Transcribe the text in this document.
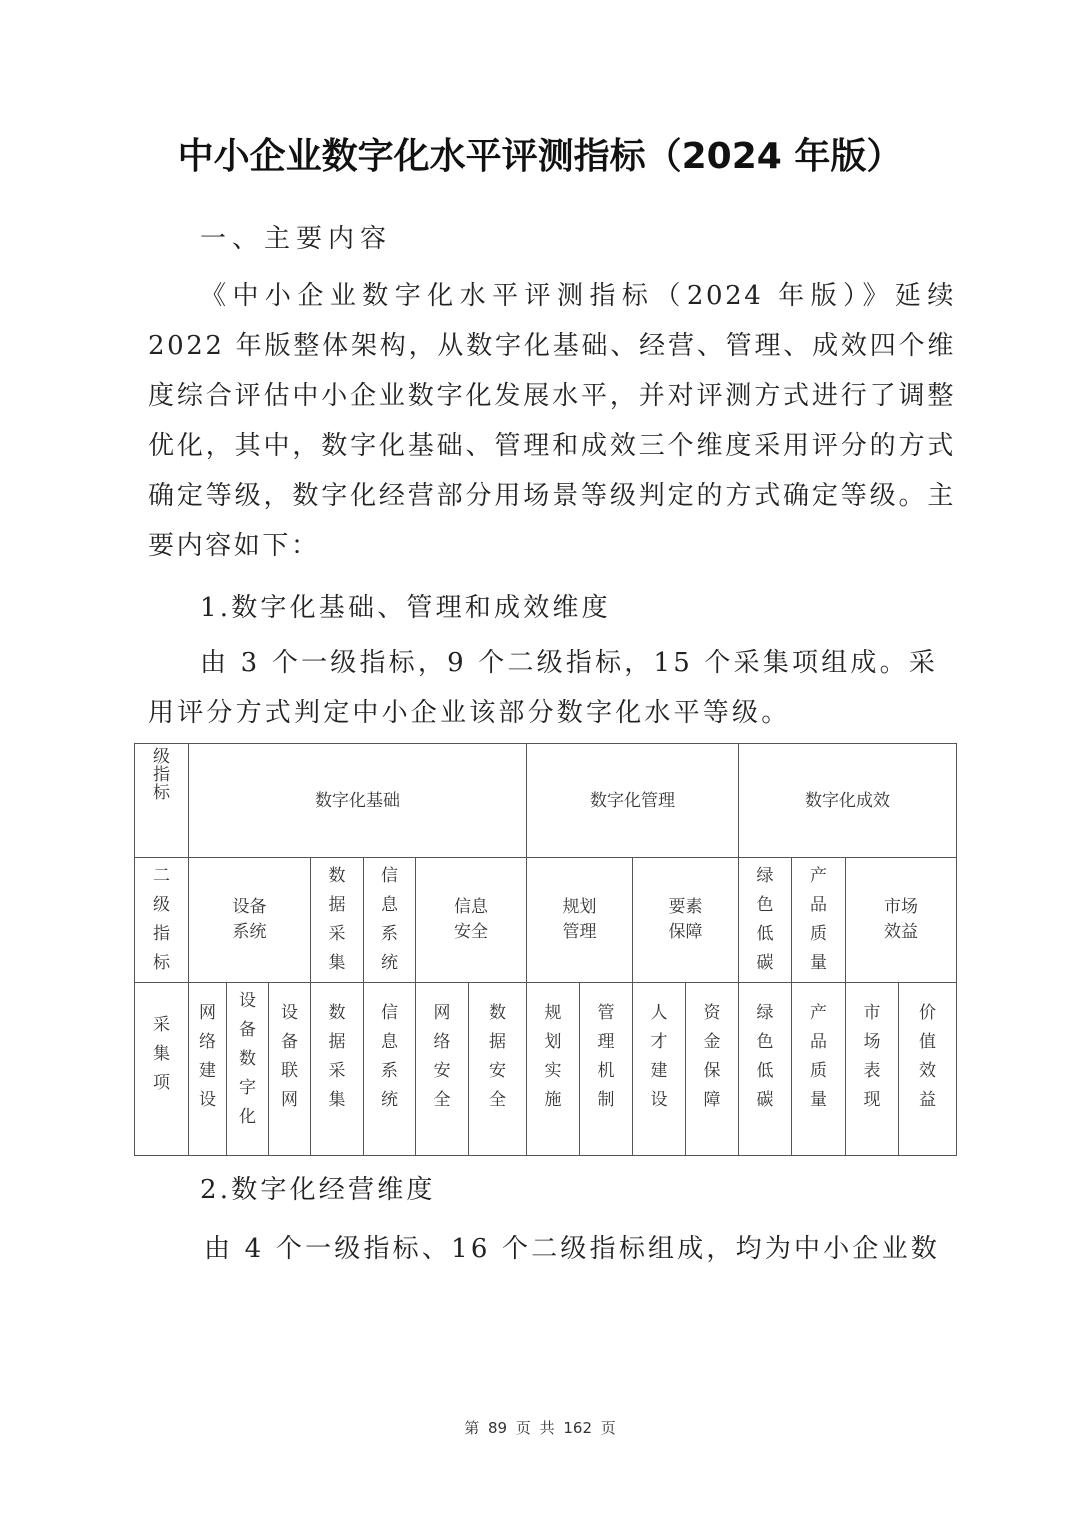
中小企业数字化水平评测指标（2024 年版）
一、主要内容
《中小企业数字化水平评测指标（2024 年版）》延续 2022 年版整体架构，从数字化基础、经营、管理、成效四个维度综合评估中小企业数字化发展水平，并对评测方式进行了调整优化，其中，数字化基础、管理和成效三个维度采用评分的方式确定等级，数字化经营部分用场景等级判定的方式确定等级。主要内容如下：
1.数字化基础、管理和成效维度
由 3 个一级指标，9 个二级指标，15 个采集项组成。采用评分方式判定中小企业该部分数字化水平等级。
级指标	数字化基础							数字化管理				数字化成效			
二级指标	设备系统			数据采集	信息系统	信息安全		规划管理		要素保障		绿色低碳	产品质量	市场效益	
采集项	网络建设	设备数字化	设备联网	数据采集	信息系统	网络安全	数据安全	规划实施	管理机制	人才建设	资金保障	绿色低碳	产品质量	市场表现	价值效益
2.数字化经营维度
由 4 个一级指标、16 个二级指标组成，均为中小企业数
第 89 页 共 162 页
